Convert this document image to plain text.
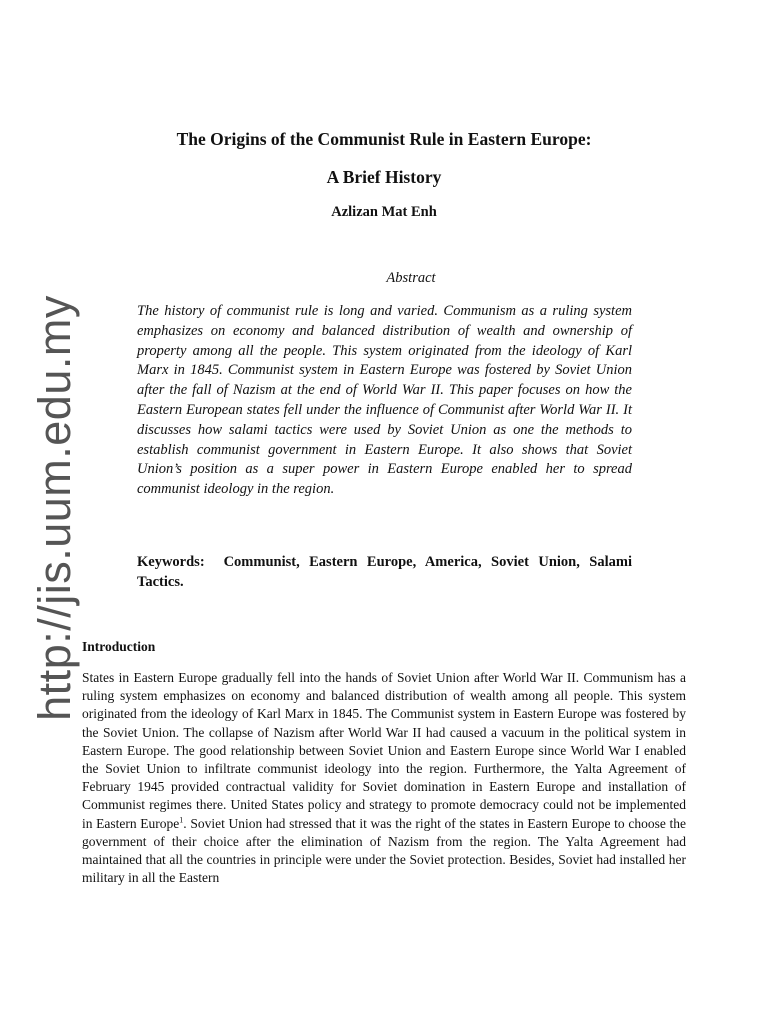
http://jis.uum.edu.my
The Origins of the Communist Rule in Eastern Europe:
A Brief History
Azlizan Mat Enh
Abstract

The history of communist rule is long and varied. Communism as a ruling system emphasizes on economy and balanced distribution of wealth and ownership of property among all the people. This system originated from the ideology of Karl Marx in 1845. Communist system in Eastern Europe was fostered by Soviet Union after the fall of Nazism at the end of World War II. This paper focuses on how the Eastern European states fell under the influence of Communist after World War II. It discusses how salami tactics were used by Soviet Union as one the methods to establish communist government in Eastern Europe. It also shows that Soviet Union’s position as a super power in Eastern Europe enabled her to spread communist ideology in the region.

Keywords: Communist, Eastern Europe, America, Soviet Union, Salami Tactics.

Introduction

States in Eastern Europe gradually fell into the hands of Soviet Union after World War II. Communism has a ruling system emphasizes on economy and balanced distribution of wealth among all people. This system originated from the ideology of Karl Marx in 1845. The Communist system in Eastern Europe was fostered by the Soviet Union. The collapse of Nazism after World War II had caused a vacuum in the political system in Eastern Europe. The good relationship between Soviet Union and Eastern Europe since World War I enabled the Soviet Union to infiltrate communist ideology into the region. Furthermore, the Yalta Agreement of February 1945 provided contractual validity for Soviet domination in Eastern Europe and installation of Communist regimes there. United States policy and strategy to promote democracy could not be implemented in Eastern Europe$^1$. Soviet Union had stressed that it was the right of the states in Eastern Europe to choose the government of their choice after the elimination of Nazism from the region. The Yalta Agreement had maintained that all the countries in principle were under the Soviet protection. Besides, Soviet had installed her military in all the Eastern
